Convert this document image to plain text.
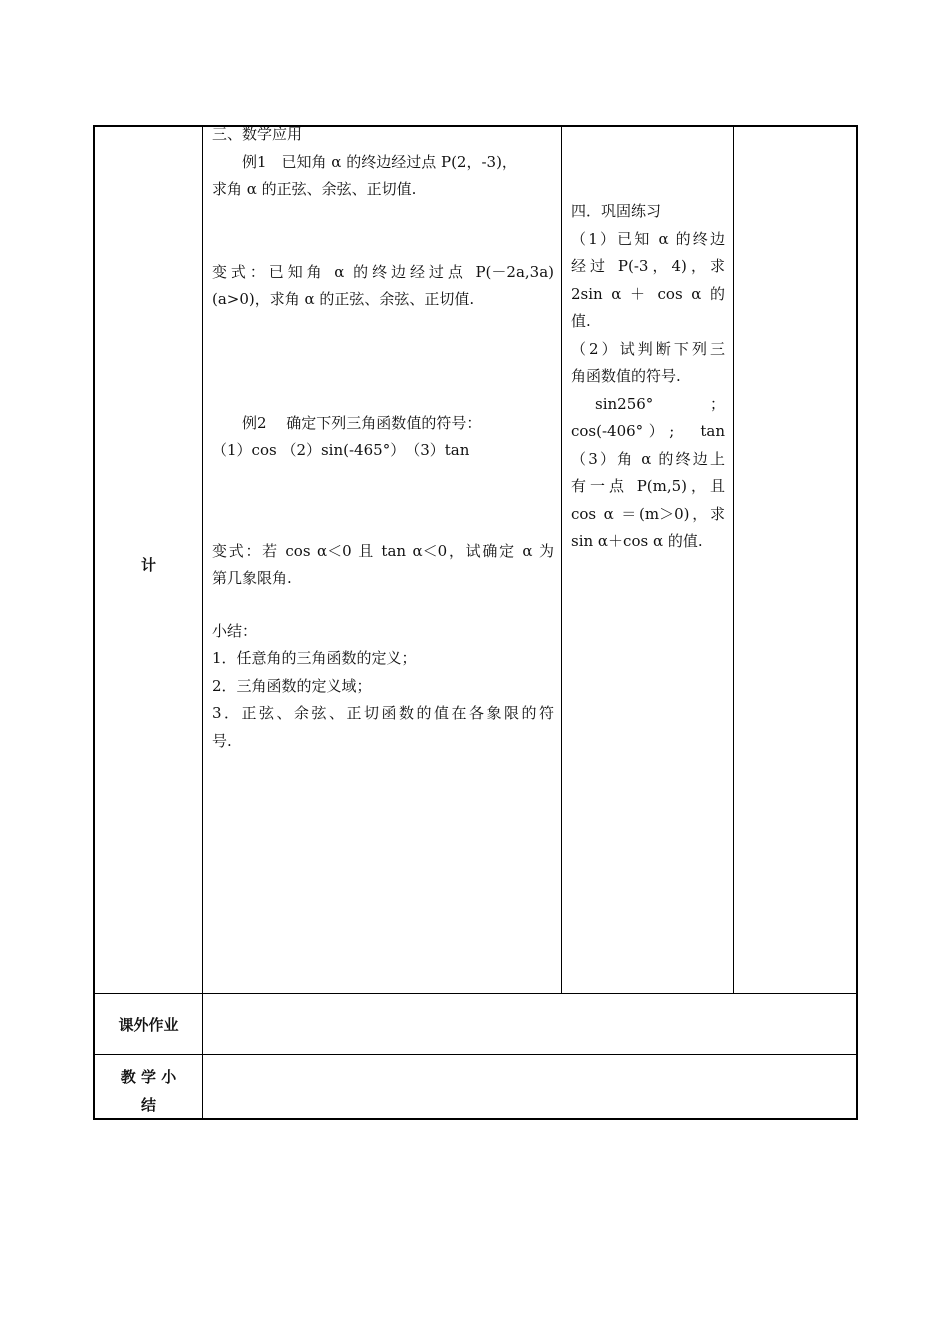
计
课外作业

教 学 小

结

三、数学应用

例1　已知角 α 的终边经过点 P(2，-3)，

求角 α 的正弦、余弦、正切值.

变式：已知角 α 的终边经过点 P(－2a,3a)

(a>0)，求角 α 的正弦、余弦、正切值.

例2　 确定下列三角函数值的符号：

（1）cos （2）sin(-465°）　（3）tan

变式：若 cos α＜0 且 tan α＜0，试确定 α 为

第几象限角.

小结：

1．任意角的三角函数的定义；

2．三角函数的定义域；

3．正弦、余弦、正切函数的值在各象限的符

号.

四．巩固练习

（1）已知 α 的终边

经过 P(-3，4)，求

2sin α ＋ cos α 的

值.

（2）试判断下列三

角函数值的符号.

sin256°　　；

cos(-406°）;　tan

（3）角 α 的终边上

有一点 P(m,5)，且

cos α ＝(m＞0)，求

sin α＋cos α 的值.
